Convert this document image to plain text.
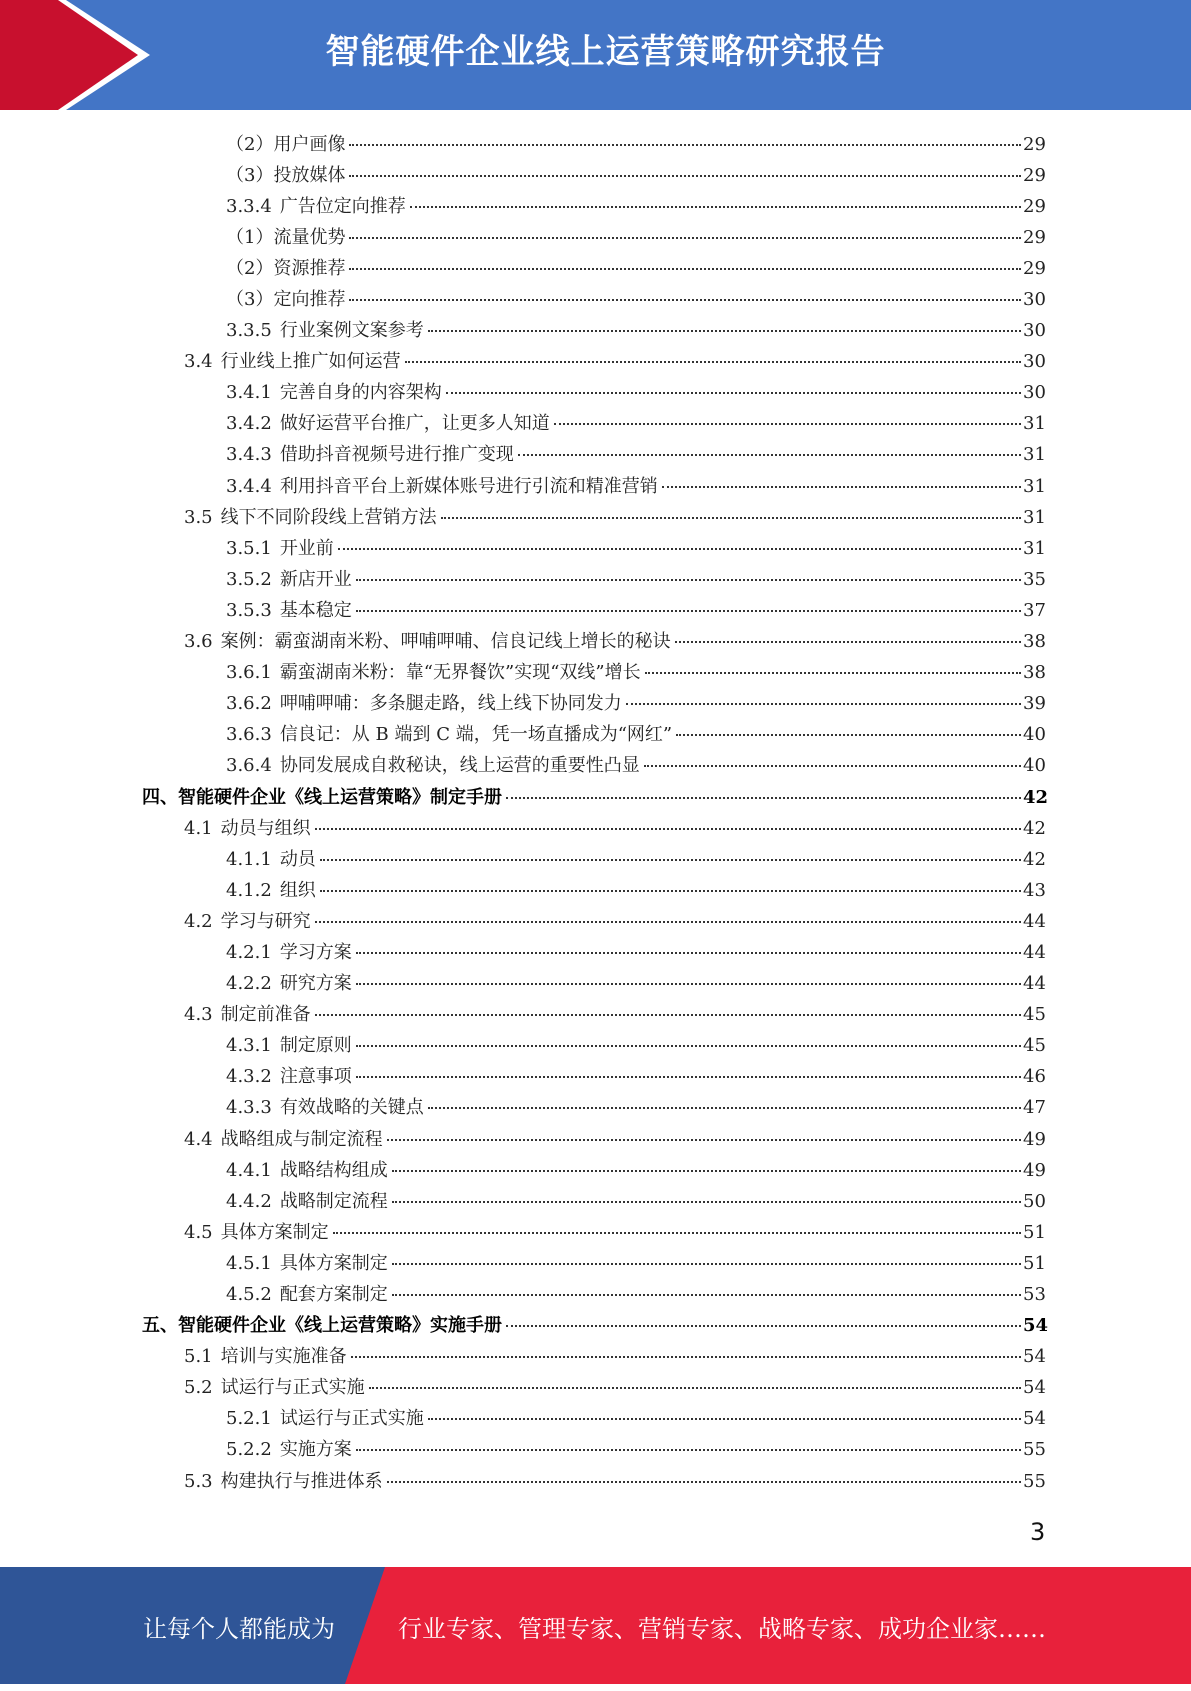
智能硬件企业线上运营策略研究报告
（2）用户画像	29
（3）投放媒体	29
3.3.4 广告位定向推荐	29
（1）流量优势	29
（2）资源推荐	29
（3）定向推荐	30
3.3.5 行业案例文案参考	30
3.4 行业线上推广如何运营	30
3.4.1 完善自身的内容架构	30
3.4.2 做好运营平台推广，让更多人知道	31
3.4.3 借助抖音视频号进行推广变现	31
3.4.4 利用抖音平台上新媒体账号进行引流和精准营销	31
3.5 线下不同阶段线上营销方法	31
3.5.1 开业前	31
3.5.2 新店开业	35
3.5.3 基本稳定	37
3.6 案例：霸蛮湖南米粉、呷哺呷哺、信良记线上增长的秘诀	38
3.6.1 霸蛮湖南米粉：靠“无界餐饮”实现“双线”增长	38
3.6.2 呷哺呷哺：多条腿走路，线上线下协同发力	39
3.6.3 信良记：从 B 端到 C 端，凭一场直播成为“网红”	40
3.6.4 协同发展成自救秘诀，线上运营的重要性凸显	40
四、智能硬件企业《线上运营策略》制定手册	42
4.1 动员与组织	42
4.1.1 动员	42
4.1.2 组织	43
4.2 学习与研究	44
4.2.1 学习方案	44
4.2.2 研究方案	44
4.3 制定前准备	45
4.3.1 制定原则	45
4.3.2 注意事项	46
4.3.3 有效战略的关键点	47
4.4 战略组成与制定流程	49
4.4.1 战略结构组成	49
4.4.2 战略制定流程	50
4.5 具体方案制定	51
4.5.1 具体方案制定	51
4.5.2 配套方案制定	53
五、智能硬件企业《线上运营策略》实施手册	54
5.1 培训与实施准备	54
5.2 试运行与正式实施	54
5.2.1 试运行与正式实施	54
5.2.2 实施方案	55
5.3 构建执行与推进体系	55
3
让每个人都能成为	行业专家、管理专家、营销专家、战略专家、成功企业家……
